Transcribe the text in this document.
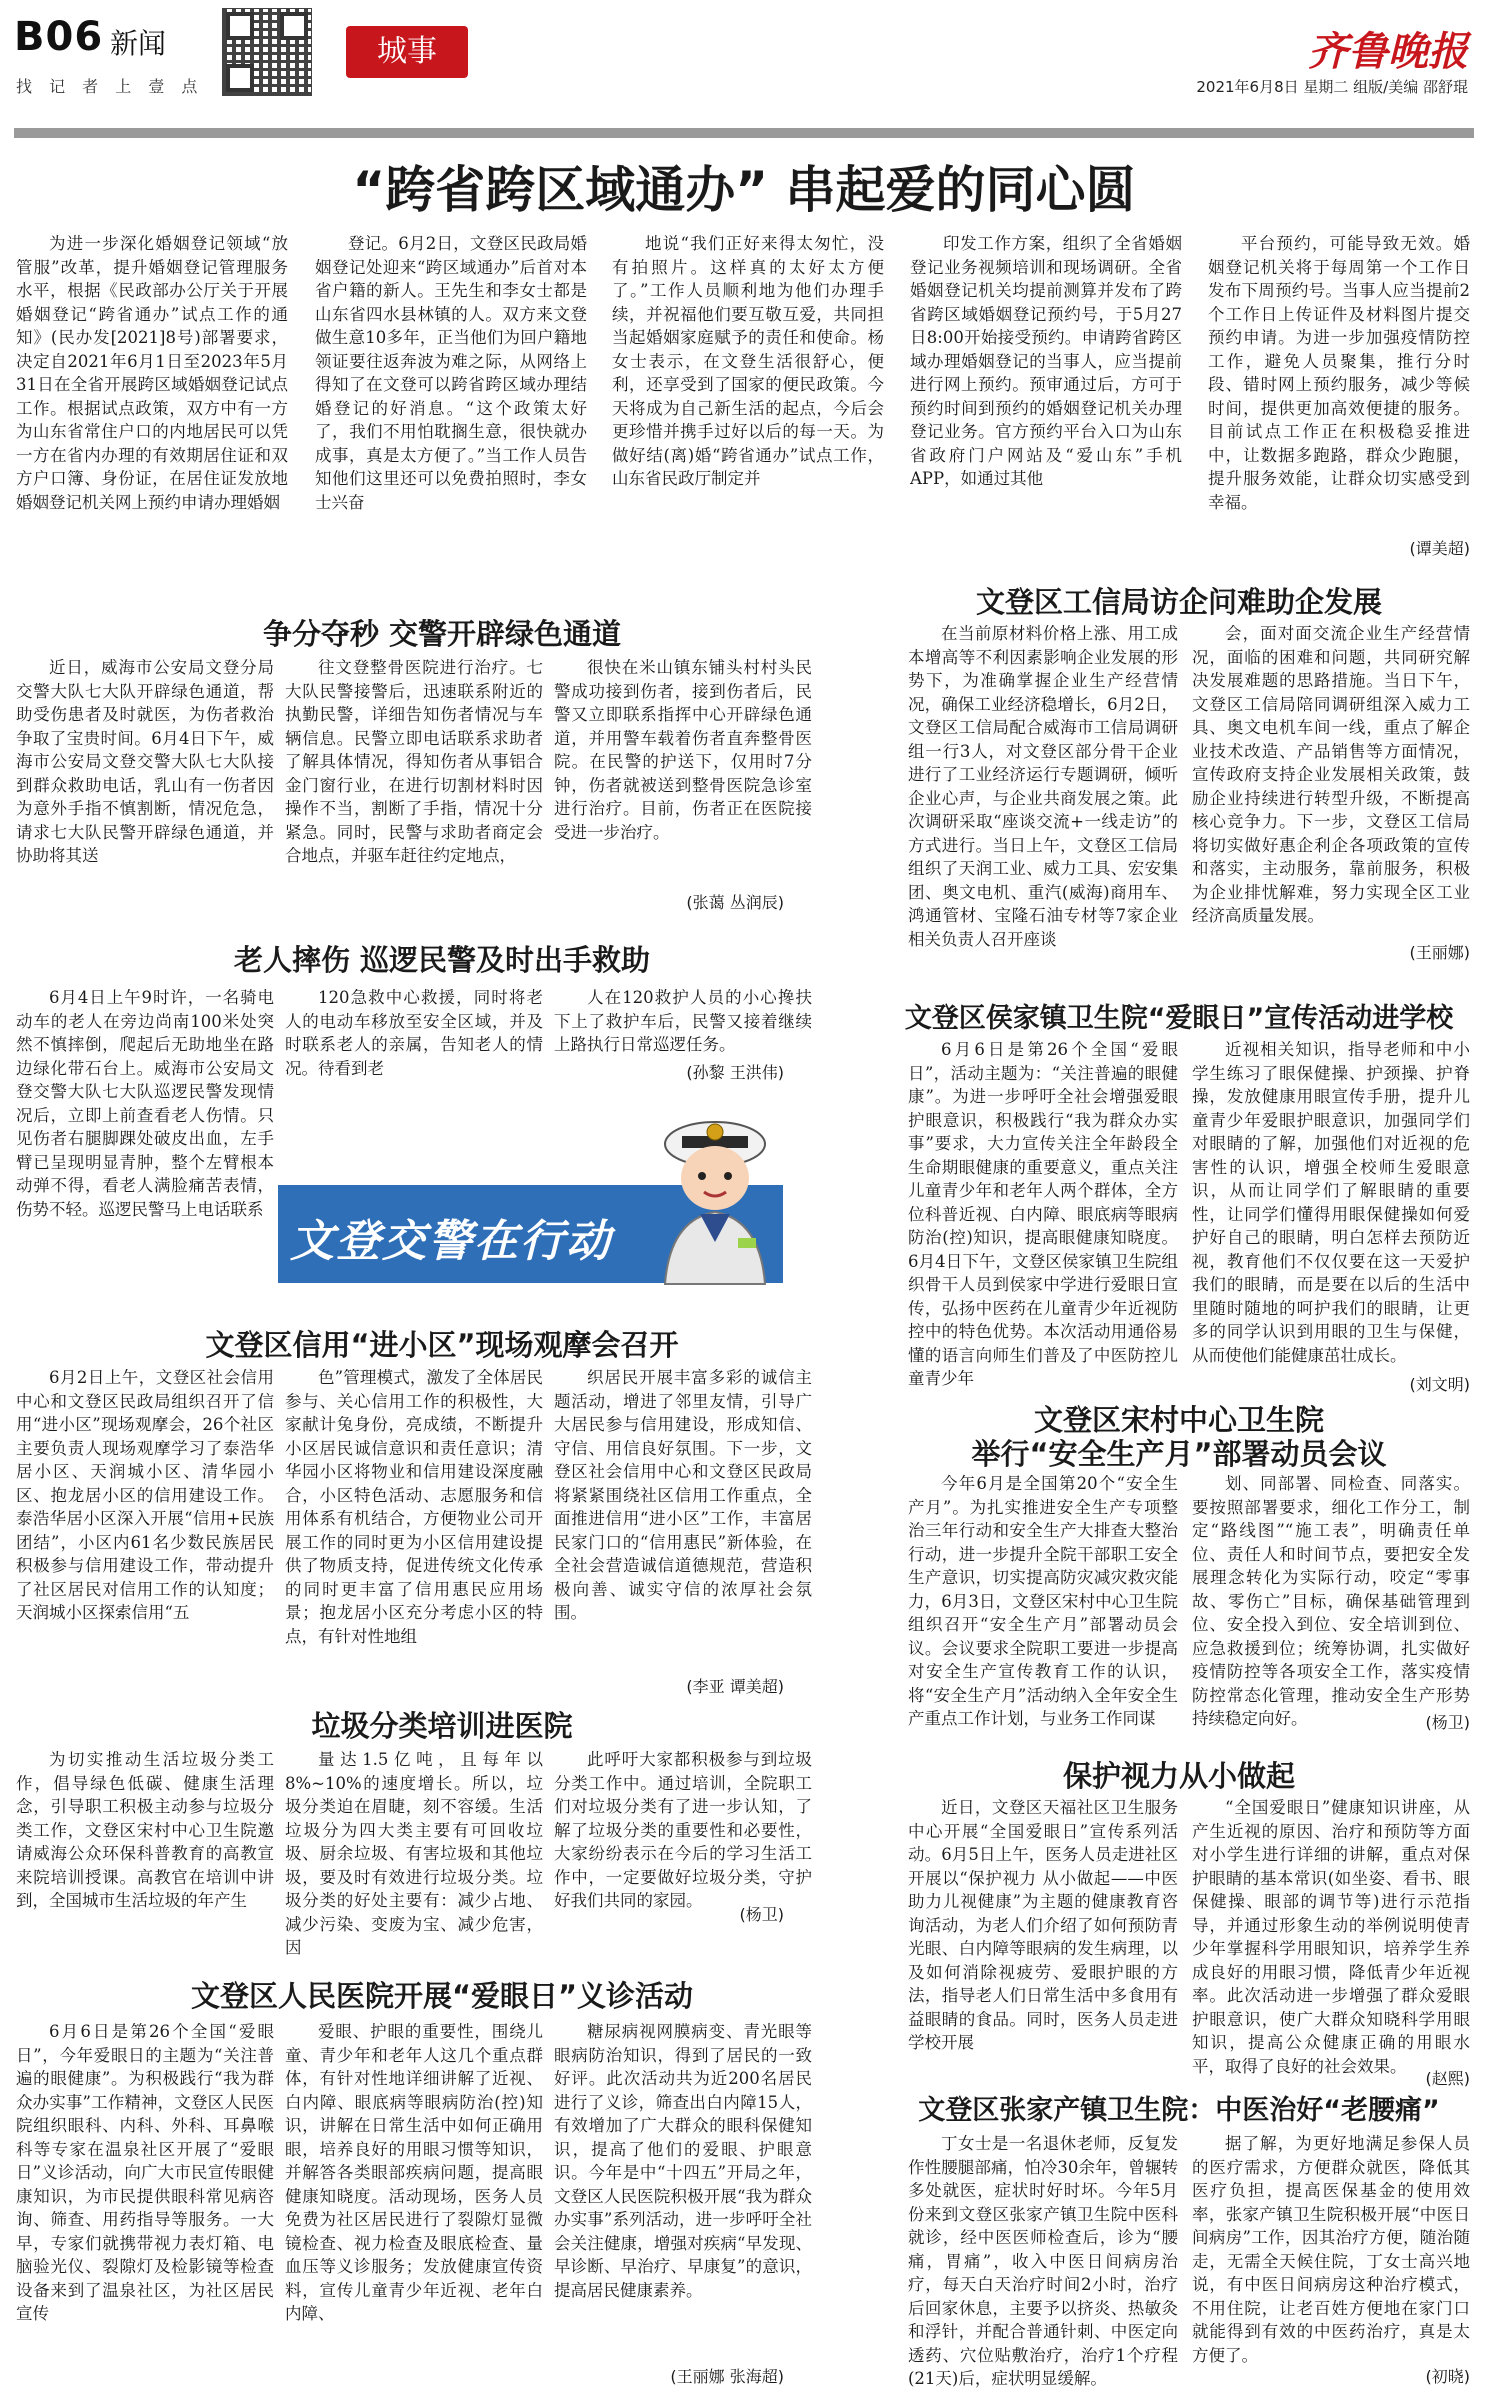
B06 新闻
找 记 者 上 壹 点
城事	齐鲁晚报
2021年6月8日 星期二 组版/美编 邵舒琨
“跨省跨区域通办” 串起爱的同心圆

为进一步深化婚姻登记领域“放管服”改革，提升婚姻登记管理服务水平，根据《民政部办公厅关于开展婚姻登记“跨省通办”试点工作的通知》(民办发[2021]8号)部署要求，决定自2021年6月1日至2023年5月31日在全省开展跨区域婚姻登记试点工作。根据试点政策，双方中有一方为山东省常住户口的内地居民可以凭一方在省内办理的有效期居住证和双方户口簿、身份证，在居住证发放地婚姻登记机关网上预约申请办理婚姻

登记。6月2日，文登区民政局婚姻登记处迎来“跨区域通办”后首对本省户籍的新人。王先生和李女士都是山东省四水县林镇的人。双方来文登做生意10多年，正当他们为回户籍地领证要往返奔波为难之际，从网络上得知了在文登可以跨省跨区域办理结婚登记的好消息。“这个政策太好了，我们不用怕耽搁生意，很快就办成事，真是太方便了。”当工作人员告知他们这里还可以免费拍照时，李女士兴奋

地说“我们正好来得太匆忙，没有拍照片。这样真的太好太方便了。”工作人员顺利地为他们办理手续，并祝福他们要互敬互爱，共同担当起婚姻家庭赋予的责任和使命。杨女士表示，在文登生活很舒心，便利，还享受到了国家的便民政策。今天将成为自己新生活的起点，今后会更珍惜并携手过好以后的每一天。为做好结(离)婚“跨省通办”试点工作，山东省民政厅制定并

印发工作方案，组织了全省婚姻登记业务视频培训和现场调研。全省婚姻登记机关均提前测算并发布了跨省跨区域婚姻登记预约号，于5月27日8:00开始接受预约。申请跨省跨区域办理婚姻登记的当事人，应当提前进行网上预约。预审通过后，方可于预约时间到预约的婚姻登记机关办理登记业务。官方预约平台入口为山东省政府门户网站及“爱山东”手机APP，如通过其他

平台预约，可能导致无效。婚姻登记机关将于每周第一个工作日发布下周预约号。当事人应当提前2个工作日上传证件及材料图片提交预约申请。为进一步加强疫情防控工作，避免人员聚集，推行分时段、错时网上预约服务，减少等候时间，提供更加高效便捷的服务。目前试点工作正在积极稳妥推进中，让数据多跑路，群众少跑腿，提升服务效能，让群众切实感受到幸福。

(谭美超)
争分夺秒 交警开辟绿色通道

近日，威海市公安局文登分局交警大队七大队开辟绿色通道，帮助受伤患者及时就医，为伤者救治争取了宝贵时间。6月4日下午，威海市公安局文登交警大队七大队接到群众救助电话，乳山有一伤者因为意外手指不慎割断，情况危急，请求七大队民警开辟绿色通道，并协助将其送

往文登整骨医院进行治疗。七大队民警接警后，迅速联系附近的执勤民警，详细告知伤者情况与车辆信息。民警立即电话联系求助者了解具体情况，得知伤者从事铝合金门窗行业，在进行切割材料时因操作不当，割断了手指，情况十分紧急。同时，民警与求助者商定会合地点，并驱车赶往约定地点，

很快在米山镇东铺头村村头民警成功接到伤者，接到伤者后，民警又立即联系指挥中心开辟绿色通道，并用警车载着伤者直奔整骨医院。在民警的护送下，仅用时7分钟，伤者就被送到整骨医院急诊室进行治疗。目前，伤者正在医院接受进一步治疗。

(张蔼 丛润辰)
老人摔伤 巡逻民警及时出手救助

6月4日上午9时许，一名骑电动车的老人在旁边尚南100米处突然不慎摔倒，爬起后无助地坐在路边绿化带石台上。威海市公安局文登交警大队七大队巡逻民警发现情况后，立即上前查看老人伤情。只见伤者右腿脚踝处破皮出血，左手臂已呈现明显青肿，整个左臂根本动弹不得，看老人满脸痛苦表情，伤势不轻。巡逻民警马上电话联系

120急救中心救援，同时将老人的电动车移放至安全区域，并及时联系老人的亲属，告知老人的情况。待看到老

人在120救护人员的小心搀扶下上了救护车后，民警又接着继续上路执行日常巡逻任务。

(孙黎 王洪伟)
文登交警在行动
文登区信用“进小区”现场观摩会召开

6月2日上午，文登区社会信用中心和文登区民政局组织召开了信用“进小区”现场观摩会，26个社区主要负责人现场观摩学习了泰浩华居小区、天润城小区、清华园小区、抱龙居小区的信用建设工作。泰浩华居小区深入开展“信用+民族团结”，小区内61名少数民族居民积极参与信用建设工作，带动提升了社区居民对信用工作的认知度；天润城小区探索信用“五

色”管理模式，激发了全体居民参与、关心信用工作的积极性，大家献计兔身份，亮成绩，不断提升小区居民诚信意识和责任意识；清华园小区将物业和信用建设深度融合，小区特色活动、志愿服务和信用体系有机结合，方便物业公司开展工作的同时更为小区信用建设提供了物质支持，促进传统文化传承的同时更丰富了信用惠民应用场景；抱龙居小区充分考虑小区的特点，有针对性地组

织居民开展丰富多彩的诚信主题活动，增进了邻里友情，引导广大居民参与信用建设，形成知信、守信、用信良好氛围。下一步，文登区社会信用中心和文登区民政局将紧紧围绕社区信用工作重点，全面推进信用“进小区”工作，丰富居民家门口的“信用惠民”新体验，在全社会营造诚信道德规范，营造积极向善、诚实守信的浓厚社会氛围。

(李亚 谭美超)
垃圾分类培训进医院

为切实推动生活垃圾分类工作，倡导绿色低碳、健康生活理念，引导职工积极主动参与垃圾分类工作，文登区宋村中心卫生院邀请威海公众环保科普教育的高教宣来院培训授课。高教官在培训中讲到，全国城市生活垃圾的年产生

量达1.5亿吨，且每年以8%~10%的速度增长。所以，垃圾分类迫在眉睫，刻不容缓。生活垃圾分为四大类主要有可回收垃圾、厨余垃圾、有害垃圾和其他垃圾，要及时有效进行垃圾分类。垃圾分类的好处主要有：减少占地、减少污染、变废为宝、减少危害，因

此呼吁大家都积极参与到垃圾分类工作中。通过培训，全院职工们对垃圾分类有了进一步认知，了解了垃圾分类的重要性和必要性，大家纷纷表示在今后的学习生活工作中，一定要做好垃圾分类，守护好我们共同的家园。

(杨卫)
文登区人民医院开展“爱眼日”义诊活动

6月6日是第26个全国“爱眼日”，今年爱眼日的主题为“关注普遍的眼健康”。为积极践行“我为群众办实事”工作精神，文登区人民医院组织眼科、内科、外科、耳鼻喉科等专家在温泉社区开展了“爱眼日”义诊活动，向广大市民宣传眼健康知识，为市民提供眼科常见病咨询、筛查、用药指导等服务。一大早，专家们就携带视力表灯箱、电脑验光仪、裂隙灯及检影镜等检查设备来到了温泉社区，为社区居民宣传

爱眼、护眼的重要性，围绕儿童、青少年和老年人这几个重点群体，有针对性地详细讲解了近视、白内障、眼底病等眼病防治(控)知识，讲解在日常生活中如何正确用眼，培养良好的用眼习惯等知识，并解答各类眼部疾病问题，提高眼健康知晓度。活动现场，医务人员免费为社区居民进行了裂隙灯显微镜检查、视力检查及眼底检查、量血压等义诊服务；发放健康宣传资料，宣传儿童青少年近视、老年白内障、

糖尿病视网膜病变、青光眼等眼病防治知识，得到了居民的一致好评。此次活动共为近200名居民进行了义诊，筛查出白内障15人，有效增加了广大群众的眼科保健知识，提高了他们的爱眼、护眼意识。今年是中“十四五”开局之年，文登区人民医院积极开展“我为群众办实事”系列活动，进一步呼吁全社会关注健康，增强对疾病“早发现、早诊断、早治疗、早康复”的意识，提高居民健康素养。

(王丽娜 张海超)
文登区工信局访企问难助企发展

在当前原材料价格上涨、用工成本增高等不利因素影响企业发展的形势下，为准确掌握企业生产经营情况，确保工业经济稳增长，6月2日，文登区工信局配合威海市工信局调研组一行3人，对文登区部分骨干企业进行了工业经济运行专题调研，倾听企业心声，与企业共商发展之策。此次调研采取“座谈交流+一线走访”的方式进行。当日上午，文登区工信局组织了天润工业、威力工具、宏安集团、奥文电机、重汽(威海)商用车、鸿通管材、宝隆石油专材等7家企业相关负责人召开座谈

会，面对面交流企业生产经营情况，面临的困难和问题，共同研究解决发展难题的思路措施。当日下午，文登区工信局陪同调研组深入威力工具、奥文电机车间一线，重点了解企业技术改造、产品销售等方面情况，宣传政府支持企业发展相关政策，鼓励企业持续进行转型升级，不断提高核心竞争力。下一步，文登区工信局将切实做好惠企利企各项政策的宣传和落实，主动服务，靠前服务，积极为企业排忧解难，努力实现全区工业经济高质量发展。

(王丽娜)
文登区侯家镇卫生院“爱眼日”宣传活动进学校

6月6日是第26个全国“爱眼日”，活动主题为：“关注普遍的眼健康”。为进一步呼吁全社会增强爱眼护眼意识，积极践行“我为群众办实事”要求，大力宣传关注全年龄段全生命期眼健康的重要意义，重点关注儿童青少年和老年人两个群体，全方位科普近视、白内障、眼底病等眼病防治(控)知识，提高眼健康知晓度。6月4日下午，文登区侯家镇卫生院组织骨干人员到侯家中学进行爱眼日宣传，弘扬中医药在儿童青少年近视防控中的特色优势。本次活动用通俗易懂的语言向师生们普及了中医防控儿童青少年

近视相关知识，指导老师和中小学生练习了眼保健操、护颈操、护脊操，发放健康用眼宣传手册，提升儿童青少年爱眼护眼意识，加强同学们对眼睛的了解，加强他们对近视的危害性的认识，增强全校师生爱眼意识，从而让同学们了解眼睛的重要性，让同学们懂得用眼保健操如何爱护好自己的眼睛，明白怎样去预防近视，教育他们不仅仅要在这一天爱护我们的眼睛，而是要在以后的生活中里随时随地的呵护我们的眼睛，让更多的同学认识到用眼的卫生与保健，从而使他们能健康茁壮成长。

(刘文明)
文登区宋村中心卫生院
举行“安全生产月”部署动员会议

今年6月是全国第20个“安全生产月”。为扎实推进安全生产专项整治三年行动和安全生产大排查大整治行动，进一步提升全院干部职工安全生产意识，切实提高防灾减灾救灾能力，6月3日，文登区宋村中心卫生院组织召开“安全生产月”部署动员会议。会议要求全院职工要进一步提高对安全生产宣传教育工作的认识，将“安全生产月”活动纳入全年安全生产重点工作计划，与业务工作同谋

划、同部署、同检查、同落实。要按照部署要求，细化工作分工，制定“路线图”“施工表”，明确责任单位、责任人和时间节点，要把安全发展理念转化为实际行动，咬定“零事故、零伤亡”目标，确保基础管理到位、安全投入到位、安全培训到位、应急救援到位；统筹协调，扎实做好疫情防控等各项安全工作，落实疫情防控常态化管理，推动安全生产形势持续稳定向好。	(杨卫)
保护视力从小做起

近日，文登区天福社区卫生服务中心开展“全国爱眼日”宣传系列活动。6月5日上午，医务人员走进社区开展以“保护视力 从小做起——中医助力儿视健康”为主题的健康教育咨询活动，为老人们介绍了如何预防青光眼、白内障等眼病的发生病理，以及如何消除视疲劳、爱眼护眼的方法，指导老人们日常生活中多食用有益眼睛的食品。同时，医务人员走进学校开展

“全国爱眼日”健康知识讲座，从产生近视的原因、治疗和预防等方面对小学生进行详细的讲解，重点对保护眼睛的基本常识(如坐姿、看书、眼保健操、眼部的调节等)进行示范指导，并通过形象生动的举例说明使青少年掌握科学用眼知识，培养学生养成良好的用眼习惯，降低青少年近视率。此次活动进一步增强了群众爱眼护眼意识，使广大群众知晓科学用眼知识，提高公众健康正确的用眼水平，取得了良好的社会效果。

(赵熙)
文登区张家产镇卫生院：中医治好“老腰痛”

丁女士是一名退休老师，反复发作性腰腿部痛，怕冷30余年，曾辗转多处就医，症状时好时坏。今年5月份来到文登区张家产镇卫生院中医科就诊，经中医医师检查后，诊为“腰痛，胃痛”，收入中医日间病房治疗，每天白天治疗时间2小时，治疗后回家休息，主要予以挤炎、热敏灸和浮针，并配合普通针刺、中医定向透药、穴位贴敷治疗，治疗1个疗程(21天)后，症状明显缓解。

据了解，为更好地满足参保人员的医疗需求，方便群众就医，降低其医疗负担，提高医保基金的使用效率，张家产镇卫生院积极开展“中医日间病房”工作，因其治疗方便，随治随走，无需全天候住院，丁女士高兴地说，有中医日间病房这种治疗模式，不用住院，让老百姓方便地在家门口就能得到有效的中医药治疗，真是太方便了。

(初晓)
